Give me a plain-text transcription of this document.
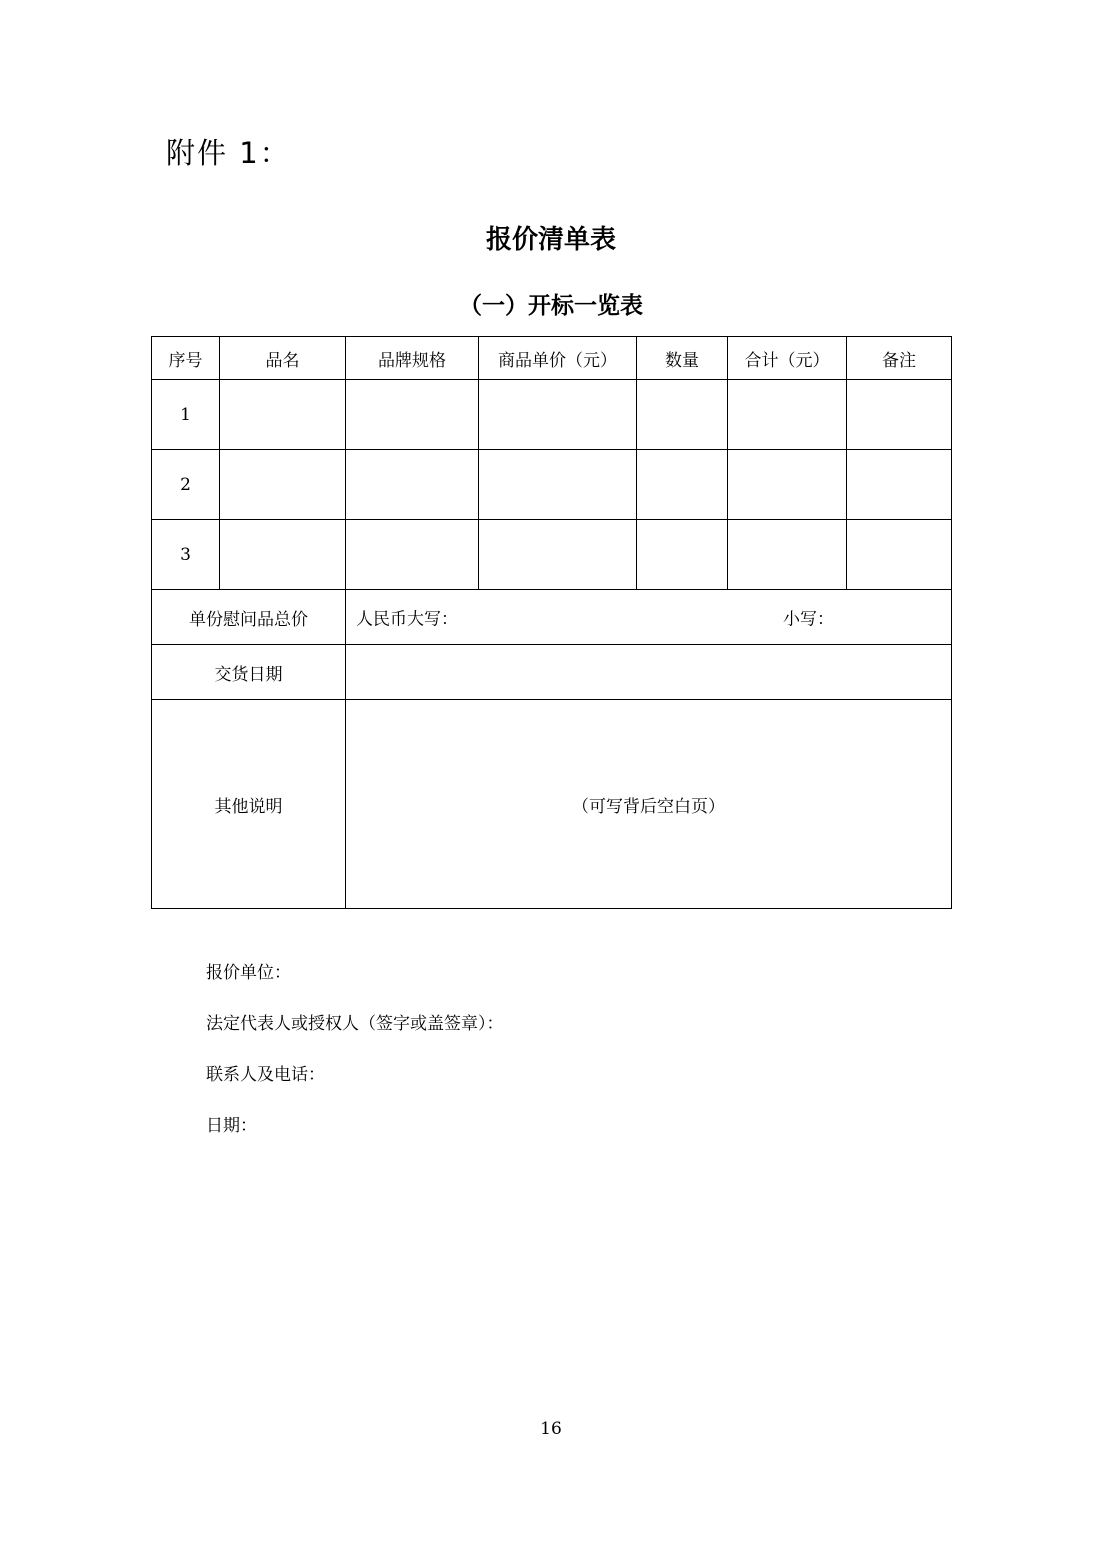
附件 1：
报价清单表
（一）开标一览表
序号	品名	品牌规格	商品单价（元）	数量	合计（元）	备注
1						
2						
3						
单份慰问品总价		人民币大写： 小写：				

交货日期						
其他说明		（可写背后空白页）				
报价单位：
法定代表人或授权人（签字或盖签章）：
联系人及电话：
日期：
16
